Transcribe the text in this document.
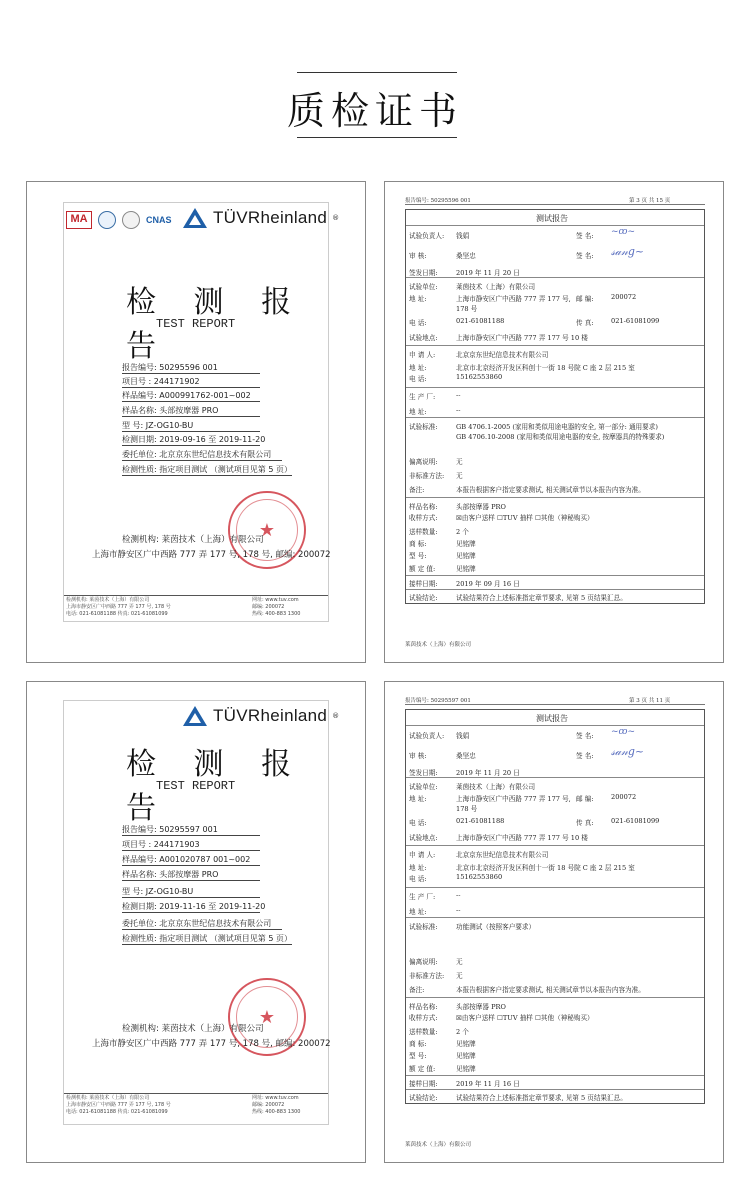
质检证书
MA	CNAS TÜVRheinland ®
检 测 报 告
TEST REPORT
报告编号: 50295596 001
项目号 : 244171902
样品编号: A000991762-001~002
样品名称: 头部按摩器 PRO
型 号: JZ-OG10-BU
检测日期: 2019-09-16 至 2019-11-20
委托单位: 北京京东世纪信息技术有限公司
检测性质: 指定项目测试 （测试项目见第 5 页）
★
检测机构: 莱茵技术（上海）有限公司
上海市静安区广中西路 777 弄 177 号, 178 号, 邮编: 200072
检测机构: 莱茵技术（上海）有限公司
上海市静安区广中西路 777 弄 177 号, 178 号
电话: 021-61081188 传真: 021-61081099
网址: www.tuv.com
邮编: 200072
热线: 400-883 1300
报告编号: 50295596 001	第 3 页 共 15 页
测试报告
试验负责人: 钱娟	签 名: ~ꝏ~
审 核:	桑坚忠	签 名: 𝓈𝒶𝓃𝑔~
签发日期:	2019 年 11 月 20 日
试验单位:	莱茵技术（上海）有限公司
地 址:	上海市静安区广中西路 777 弄 177 号, 邮 编:	200072
178 号
电 话:	021-61081188	传 真:	021-61081099
试验地点:	上海市静安区广中西路 777 弄 177 号 10 楼
申 请 人:	北京京东世纪信息技术有限公司
地 址:	北京市北京经济开发区科创十一街 18 号院 C 座 2 层 215 室
电 话:	15162553860
生 产 厂:	--
地 址:	--
试验标准:	GB 4706.1-2005 (家用和类似用途电器的安全, 第一部分: 通用要求)
GB 4706.10-2008 (家用和类似用途电器的安全, 按摩器具的特殊要求)
偏离说明:	无
非标准方法: 无
备注:	本报告根据客户指定要求测试, 相关测试章节以本报告内容为准。
样品名称:	头部按摩器 PRO
收样方式:	☒由客户送样 ☐TUV 抽样 ☐其他（神秘购买）
送样数量:	2 个
商 标:	见铭牌
型 号:	见铭牌
额 定 值:	见铭牌
接样日期:	2019 年 09 月 16 日
试验结论:	试验结果符合上述标准指定章节要求, 见第 5 页结果汇总。
莱茵技术（上海）有限公司
TÜVRheinland ®
检 测 报 告
TEST REPORT
报告编号: 50295597 001
项目号 : 244171903
样品编号: A001020787 001~002
样品名称: 头部按摩器 PRO
型 号: JZ-OG10-BU
检测日期: 2019-11-16 至 2019-11-20
委托单位: 北京京东世纪信息技术有限公司
检测性质: 指定项目测试 （测试项目见第 5 页）
★
检测机构: 莱茵技术（上海）有限公司
上海市静安区广中西路 777 弄 177 号, 178 号, 邮编: 200072
检测机构: 莱茵技术（上海）有限公司
上海市静安区广中西路 777 弄 177 号, 178 号
电话: 021-61081188 传真: 021-61081099
网址: www.tuv.com
邮编: 200072
热线: 400-883 1300
报告编号: 50295597 001	第 3 页 共 11 页
测试报告
试验负责人: 钱娟	签 名: ~ꝏ~
审 核:	桑坚忠	签 名: 𝓈𝒶𝓃𝑔~
签发日期:	2019 年 11 月 20 日
试验单位:	莱茵技术（上海）有限公司
地 址:	上海市静安区广中西路 777 弄 177 号, 邮 编:	200072
178 号
电 话:	021-61081188	传 真:	021-61081099
试验地点:	上海市静安区广中西路 777 弄 177 号 10 楼
申 请 人:	北京京东世纪信息技术有限公司
地 址:	北京市北京经济开发区科创十一街 18 号院 C 座 2 层 215 室
电 话:	15162553860
生 产 厂:	--
地 址:	--
试验标准:	功能测试（按照客户要求）
偏离说明:	无
非标准方法: 无
备注:	本报告根据客户指定要求测试, 相关测试章节以本报告内容为准。
样品名称:	头部按摩器 PRO
收样方式:	☒由客户送样 ☐TUV 抽样 ☐其他（神秘购买）
送样数量:	2 个
商 标:	见铭牌
型 号:	见铭牌
额 定 值:	见铭牌
接样日期:	2019 年 11 月 16 日
试验结论:	试验结果符合上述标准指定章节要求, 见第 5 页结果汇总。
莱茵技术（上海）有限公司
